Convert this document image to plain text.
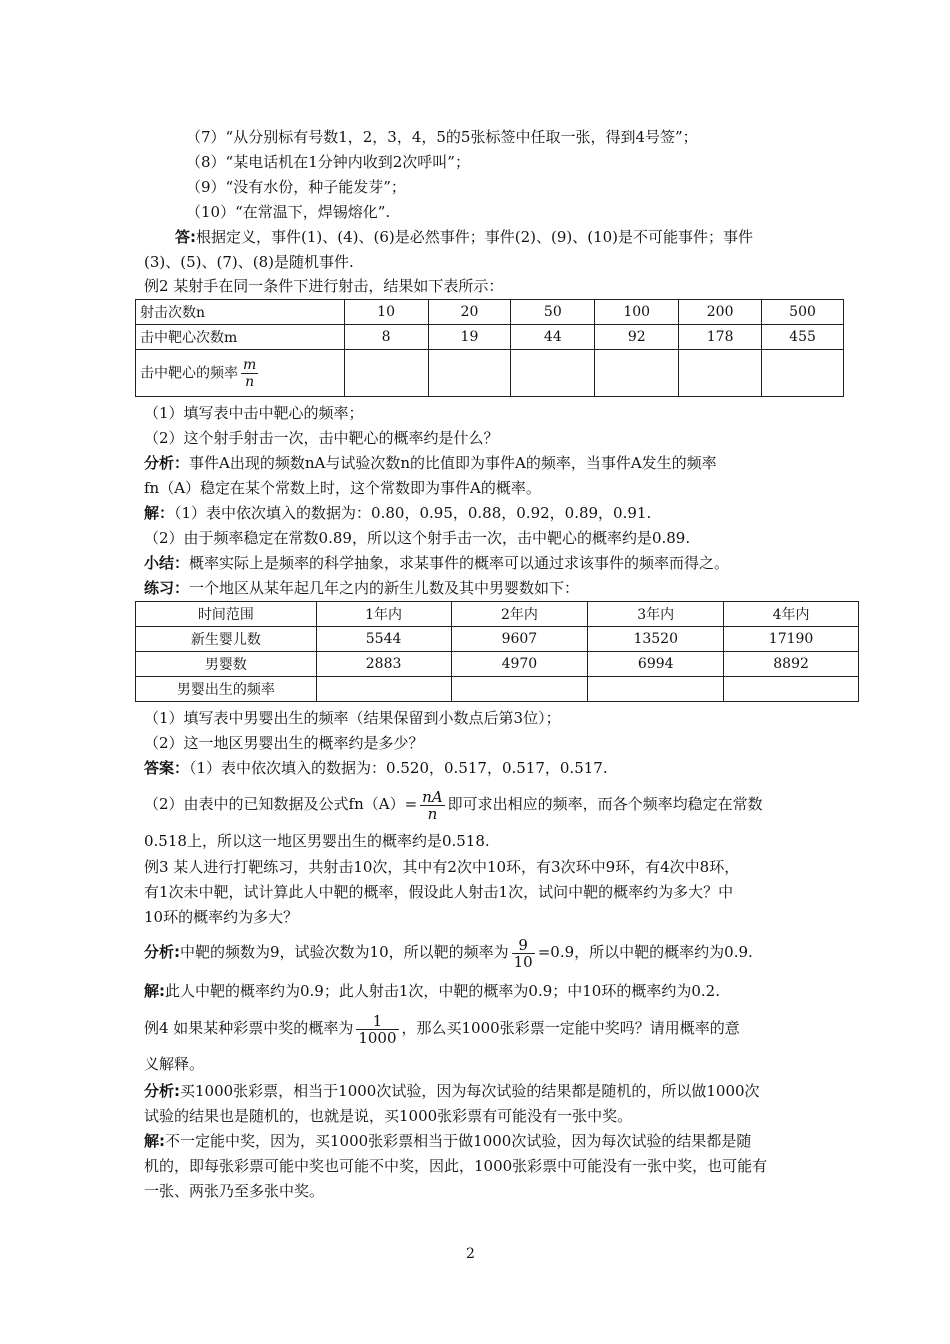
（7）“从分别标有号数1，2，3，4，5的5张标签中任取一张，得到4号签”；
（8）“某电话机在1分钟内收到2次呼叫”；
（9）“没有水份，种子能发芽”；
（10）“在常温下，焊锡熔化”.
答:根据定义，事件(1)、(4)、(6)是必然事件；事件(2)、(9)、(10)是不可能事件；事件
(3)、(5)、(7)、(8)是随机事件.
例2 某射手在同一条件下进行射击，结果如下表所示：
射击次数n	10	20	50	100	200	500
击中靶心次数m	8	19	44	92	178	455
击中靶心的频率 $\frac{m}{n}$

（1）填写表中击中靶心的频率；
（2）这个射手射击一次，击中靶心的概率约是什么？
分析：事件A出现的频数nA与试验次数n的比值即为事件A的频率，当事件A发生的频率
fn（A）稳定在某个常数上时，这个常数即为事件A的概率。
解：（1）表中依次填入的数据为：0.80，0.95，0.88，0.92，0.89，0.91.
（2）由于频率稳定在常数0.89，所以这个射手击一次，击中靶心的概率约是0.89.
小结：概率实际上是频率的科学抽象，求某事件的概率可以通过求该事件的频率而得之。
练习：一个地区从某年起几年之内的新生儿数及其中男婴数如下：
时间范围	1年内	2年内	3年内	4年内
新生婴儿数	5544	9607	13520	17190
男婴数	2883	4970	6994	8892
男婴出生的频率				
（1）填写表中男婴出生的频率（结果保留到小数点后第3位）；
（2）这一地区男婴出生的概率约是多少？
答案：（1）表中依次填入的数据为：0.520，0.517，0.517，0.517.
（2）由表中的已知数据及公式$fn(A)= \frac{nA}{n}$ 即可求出相应的频率，而各个频率均稳定在常数
0.518上，所以这一地区男婴出生的概率约是0.518.
例3 某人进行打靶练习，共射击10次，其中有2次中10环，有3次环中9环，有4次中8环，
有1次未中靶，试计算此人中靶的概率，假设此人射击1次，试问中靶的概率约为多大？中
10环的概率约为多大？
分析:中靶的频数为9，试验次数为10，所以靶的频率为 $\frac{9}{10} =0.9$，所以中靶的概率约为0.9.
解:此人中靶的概率约为0.9；此人射击1次，中靶的概率为0.9；中10环的概率约为0.2.
例4 如果某种彩票中奖的概率为 $\frac{1}{1000}$ ，那么买1000张彩票一定能中奖吗？请用概率的意
义解释。
分析:买1000张彩票，相当于1000次试验，因为每次试验的结果都是随机的，所以做1000次
试验的结果也是随机的，也就是说，买1000张彩票有可能没有一张中奖。
解:不一定能中奖，因为，买1000张彩票相当于做1000次试验，因为每次试验的结果都是随
机的，即每张彩票可能中奖也可能不中奖，因此，1000张彩票中可能没有一张中奖，也可能有
一张、两张乃至多张中奖。
2
